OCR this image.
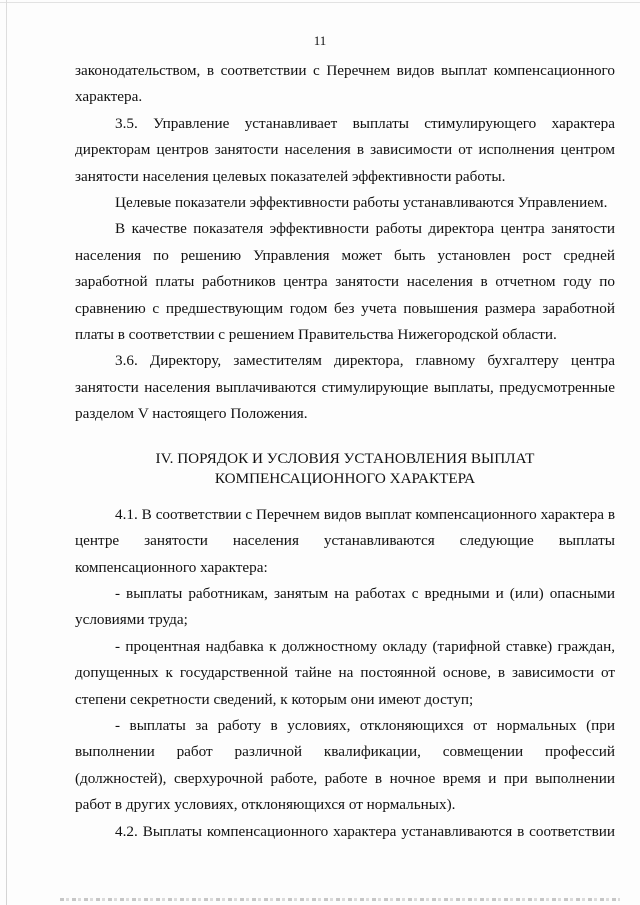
11

законодательством, в соответствии с Перечнем видов выплат компенсационного характера.

3.5. Управление устанавливает выплаты стимулирующего характера директорам центров занятости населения в зависимости от исполнения центром занятости населения целевых показателей эффективности работы.

Целевые показатели эффективности работы устанавливаются Управлением.

В качестве показателя эффективности работы директора центра занятости населения по решению Управления может быть установлен рост средней заработной платы работников центра занятости населения в отчетном году по сравнению с предшествующим годом без учета повышения размера заработной платы в соответствии с решением Правительства Нижегородской области.

3.6. Директору, заместителям директора, главному бухгалтеру центра занятости населения выплачиваются стимулирующие выплаты, предусмотренные разделом V настоящего Положения.

IV. ПОРЯДОК И УСЛОВИЯ УСТАНОВЛЕНИЯ ВЫПЛАТ
КОМПЕНСАЦИОННОГО ХАРАКТЕРА

4.1. В соответствии с Перечнем видов выплат компенсационного характера в центре занятости населения устанавливаются следующие выплаты компенсационного характера:

- выплаты работникам, занятым на работах с вредными и (или) опасными условиями труда;

- процентная надбавка к должностному окладу (тарифной ставке) граждан, допущенных к государственной тайне на постоянной основе, в зависимости от степени секретности сведений, к которым они имеют доступ;

- выплаты за работу в условиях, отклоняющихся от нормальных (при выполнении работ различной квалификации, совмещении профессий (должностей), сверхурочной работе, работе в ночное время и при выполнении работ в других условиях, отклоняющихся от нормальных).

4.2. Выплаты компенсационного характера устанавливаются в соответствии
